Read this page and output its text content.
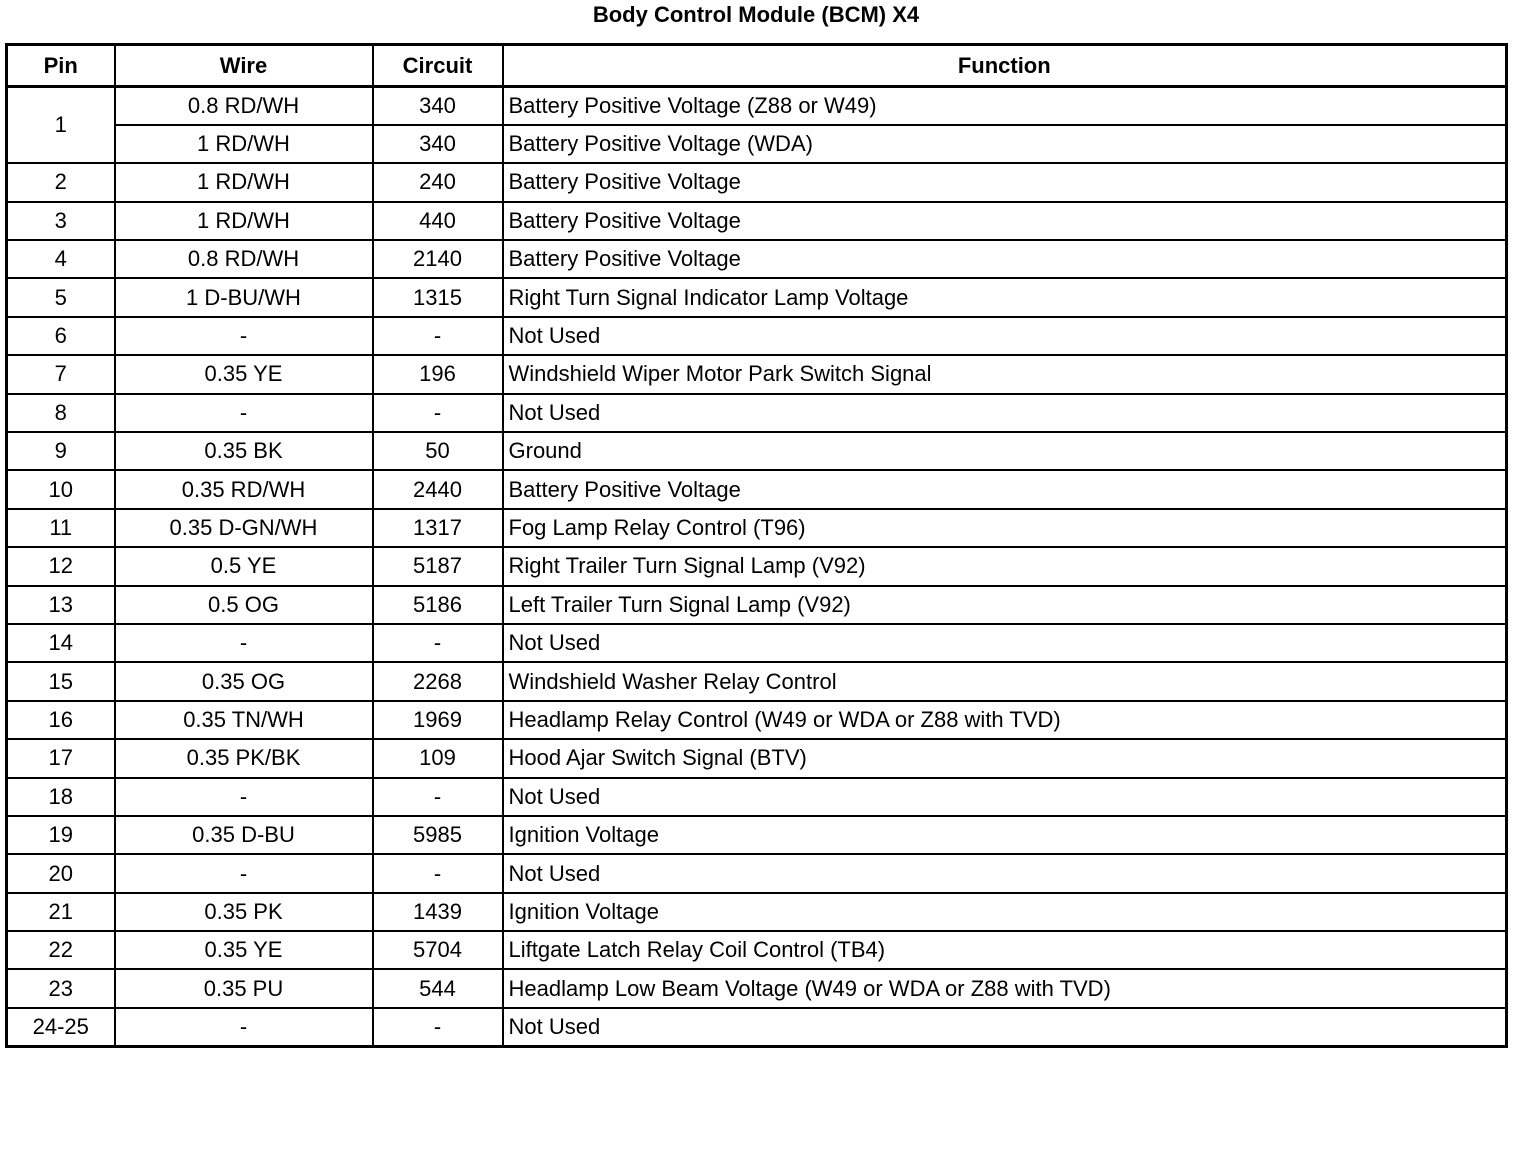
Body Control Module (BCM) X4
Pin	Wire	Circuit	Function
1	0.8 RD/WH	340	Battery Positive Voltage (Z88 or W49)
	1 RD/WH	340	Battery Positive Voltage (WDA)
2	1 RD/WH	240	Battery Positive Voltage
3	1 RD/WH	440	Battery Positive Voltage
4	0.8 RD/WH	2140	Battery Positive Voltage
5	1 D-BU/WH	1315	Right Turn Signal Indicator Lamp Voltage
6	-	-	Not Used
7	0.35 YE	196	Windshield Wiper Motor Park Switch Signal
8	-	-	Not Used
9	0.35 BK	50	Ground
10	0.35 RD/WH	2440	Battery Positive Voltage
11	0.35 D-GN/WH	1317	Fog Lamp Relay Control (T96)
12	0.5 YE	5187	Right Trailer Turn Signal Lamp (V92)
13	0.5 OG	5186	Left Trailer Turn Signal Lamp (V92)
14	-	-	Not Used
15	0.35 OG	2268	Windshield Washer Relay Control
16	0.35 TN/WH	1969	Headlamp Relay Control (W49 or WDA or Z88 with TVD)
17	0.35 PK/BK	109	Hood Ajar Switch Signal (BTV)
18	-	-	Not Used
19	0.35 D-BU	5985	Ignition Voltage
20	-	-	Not Used
21	0.35 PK	1439	Ignition Voltage
22	0.35 YE	5704	Liftgate Latch Relay Coil Control (TB4)
23	0.35 PU	544	Headlamp Low Beam Voltage (W49 or WDA or Z88 with TVD)
24-25	-	-	Not Used
